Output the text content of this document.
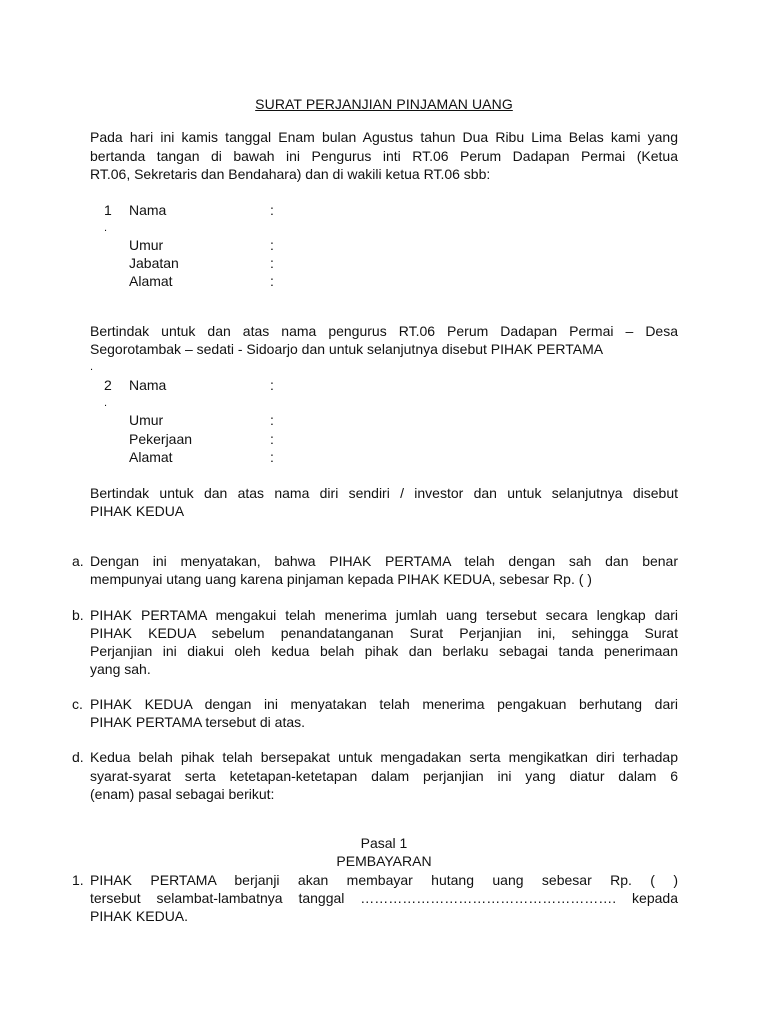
SURAT PERJANJIAN PINJAMAN UANG
Pada hari ini kamis tanggal Enam bulan Agustus tahun Dua Ribu Lima Belas kami yang
bertanda tangan di bawah ini Pengurus inti RT.06 Perum Dadapan Permai (Ketua
RT.06, Sekretaris dan Bendahara) dan di wakili ketua RT.06 sbb:
1
.
Nama	:
Umur	:
Jabatan	:
Alamat	:
Bertindak untuk dan atas nama pengurus RT.06 Perum Dadapan Permai – Desa
Segorotambak – sedati - Sidoarjo dan untuk selanjutnya disebut PIHAK PERTAMA
.
2
.
Nama	:
Umur	:
Pekerjaan	:
Alamat	:
Bertindak untuk dan atas nama diri sendiri / investor dan untuk selanjutnya disebut
PIHAK KEDUA
a. Dengan ini menyatakan, bahwa PIHAK PERTAMA telah dengan sah dan benar
mempunyai utang uang karena pinjaman kepada PIHAK KEDUA, sebesar Rp. ( )
b. PIHAK PERTAMA mengakui telah menerima jumlah uang tersebut secara lengkap dari
PIHAK KEDUA sebelum penandatanganan Surat Perjanjian ini, sehingga Surat
Perjanjian ini diakui oleh kedua belah pihak dan berlaku sebagai tanda penerimaan
yang sah.
c. PIHAK KEDUA dengan ini menyatakan telah menerima pengakuan berhutang dari
PIHAK PERTAMA tersebut di atas.
d. Kedua belah pihak telah bersepakat untuk mengadakan serta mengikatkan diri terhadap
syarat-syarat serta ketetapan-ketetapan dalam perjanjian ini yang diatur dalam 6
(enam) pasal sebagai berikut:
Pasal 1
PEMBAYARAN
1. PIHAK PERTAMA berjanji akan membayar hutang uang sebesar Rp. ( )
tersebut selambat-lambatnya tanggal ………………………………………………. kepada
PIHAK KEDUA.
